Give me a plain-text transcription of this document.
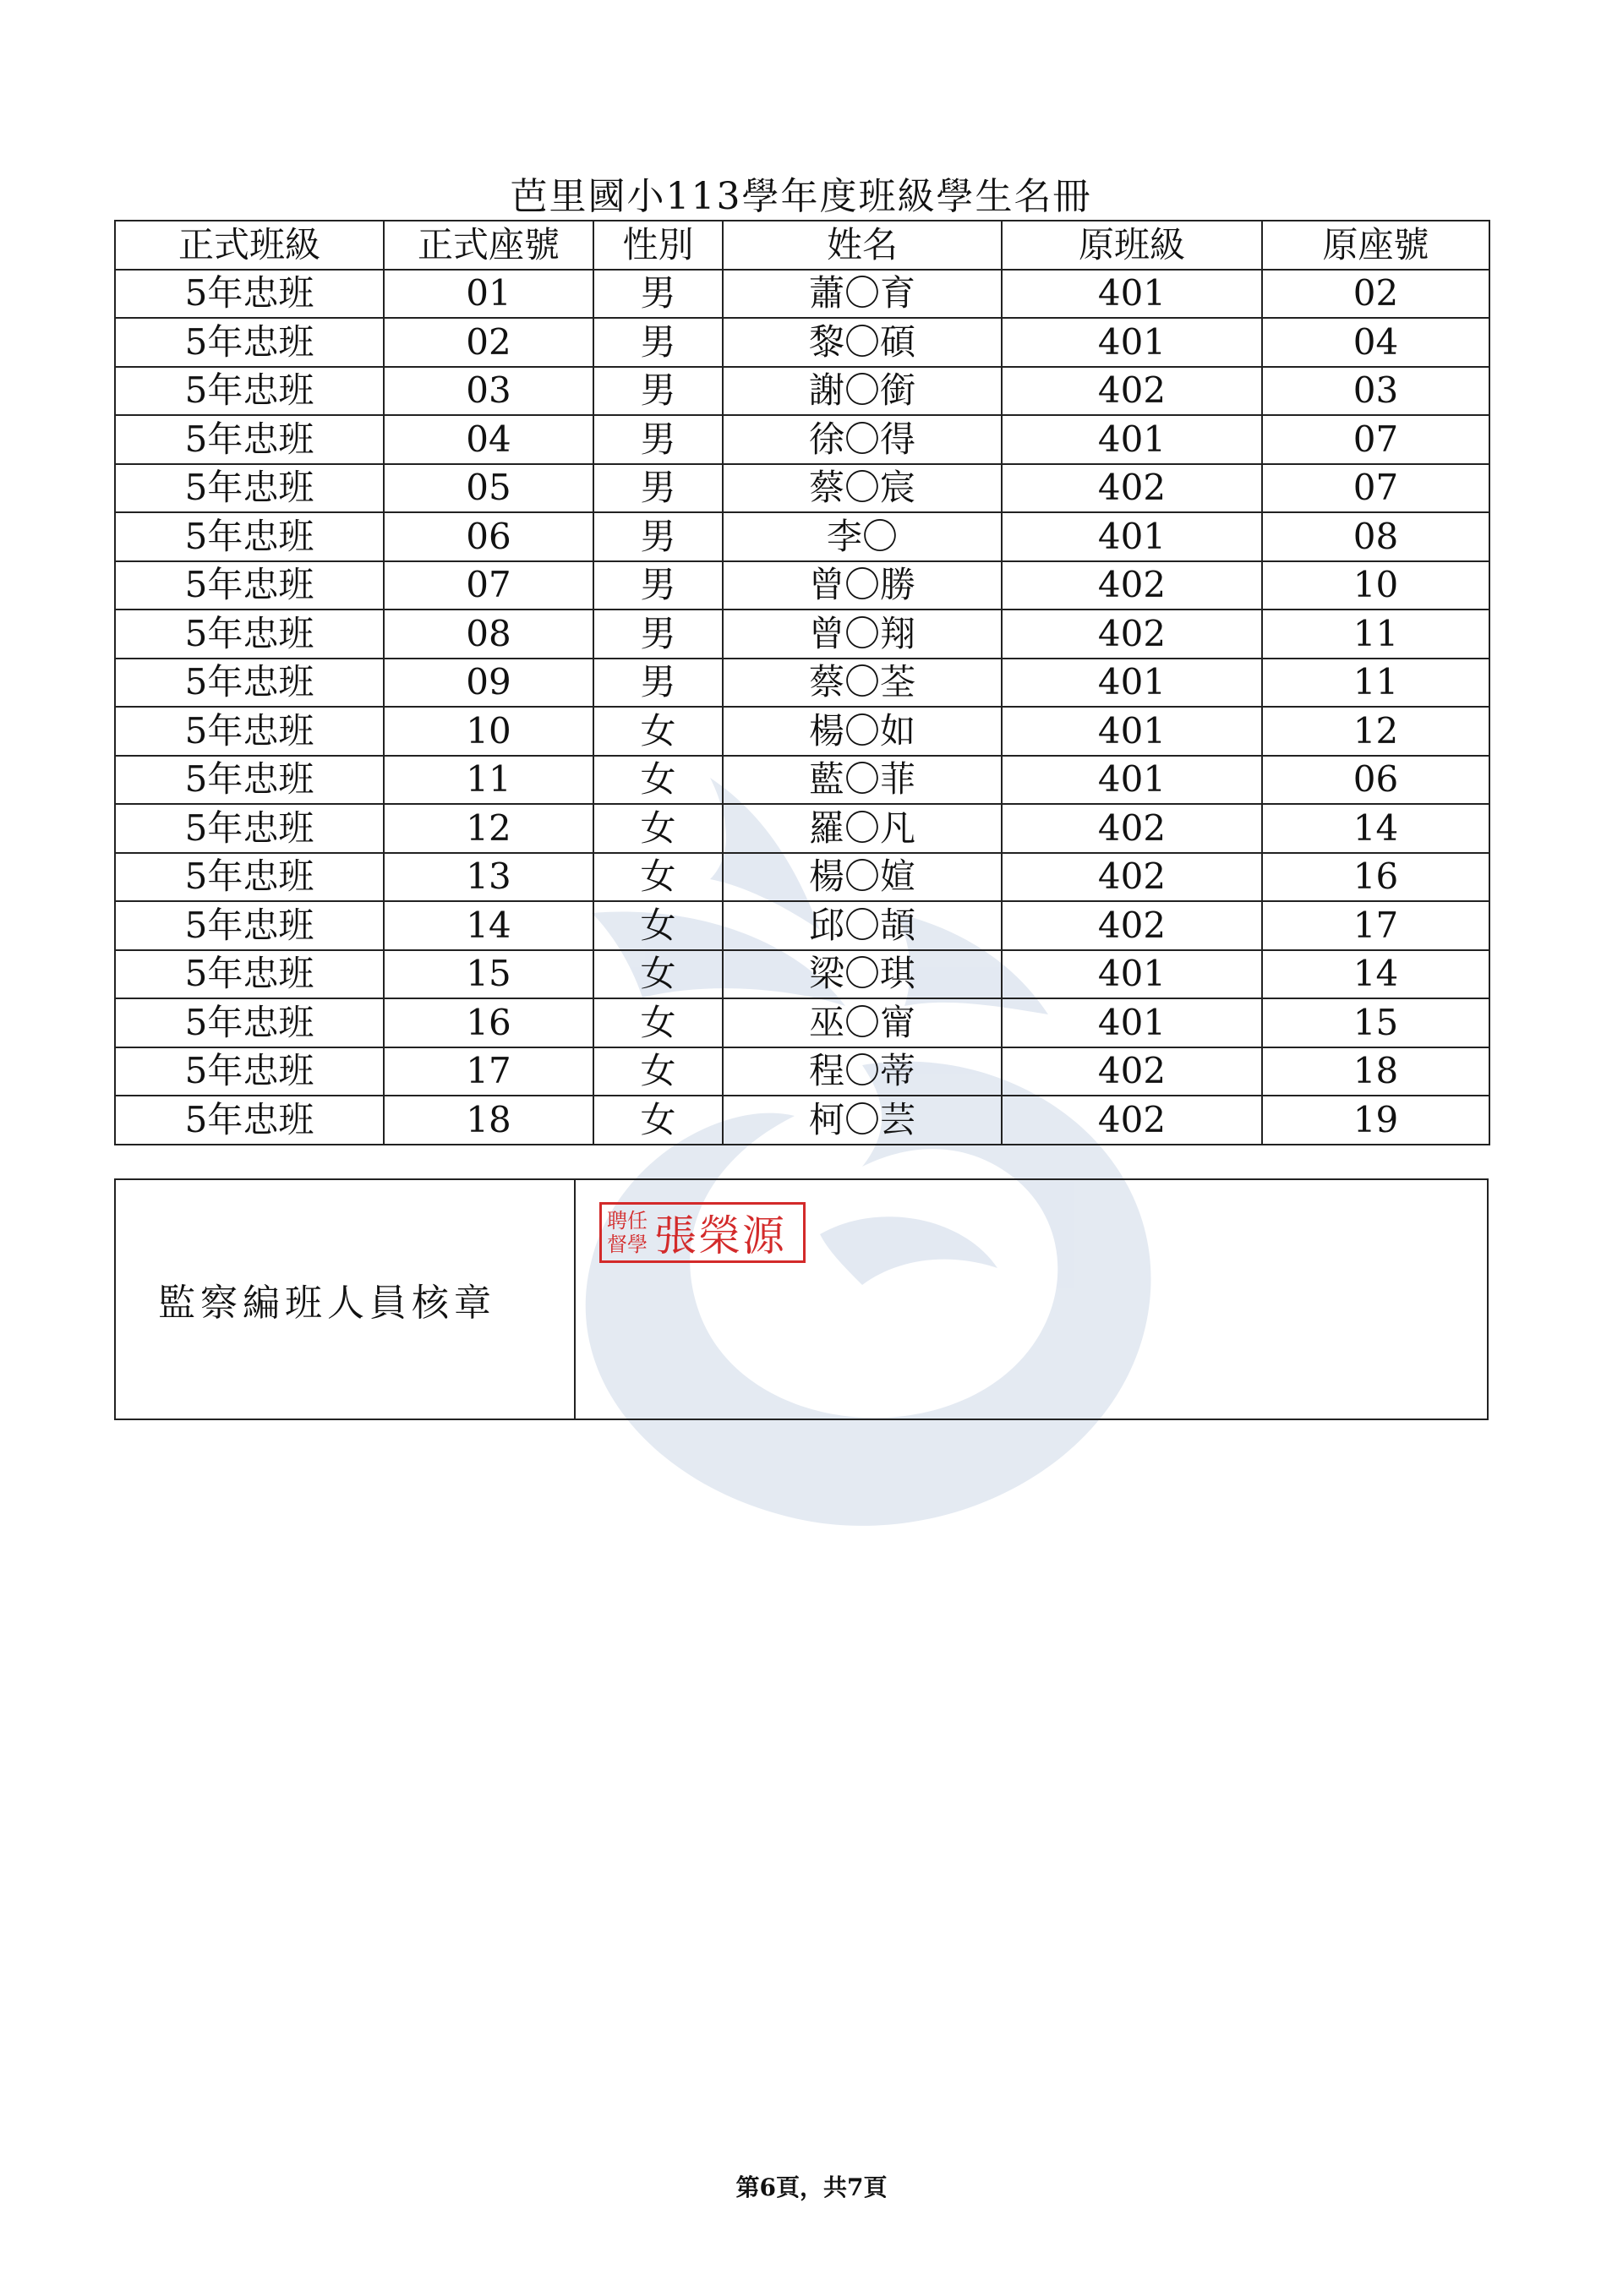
芭里國小113學年度班級學生名冊
正式班級	正式座號	性別	姓名	原班級	原座號
5年忠班	01	男	蕭〇育	401	02
5年忠班	02	男	黎〇碩	401	04
5年忠班	03	男	謝〇銜	402	03
5年忠班	04	男	徐〇得	401	07
5年忠班	05	男	蔡〇宸	402	07
5年忠班	06	男	李〇	401	08
5年忠班	07	男	曾〇勝	402	10
5年忠班	08	男	曾〇翔	402	11
5年忠班	09	男	蔡〇荃	401	11
5年忠班	10	女	楊〇如	401	12
5年忠班	11	女	藍〇菲	401	06
5年忠班	12	女	羅〇凡	402	14
5年忠班	13	女	楊〇媗	402	16
5年忠班	14	女	邱〇頡	402	17
5年忠班	15	女	梁〇琪	401	14
5年忠班	16	女	巫〇甯	401	15
5年忠班	17	女	程〇蒂	402	18
5年忠班	18	女	柯〇芸	402	19
監察編班人員核章
聘 任
督 學 張榮源
第6頁，共7頁
